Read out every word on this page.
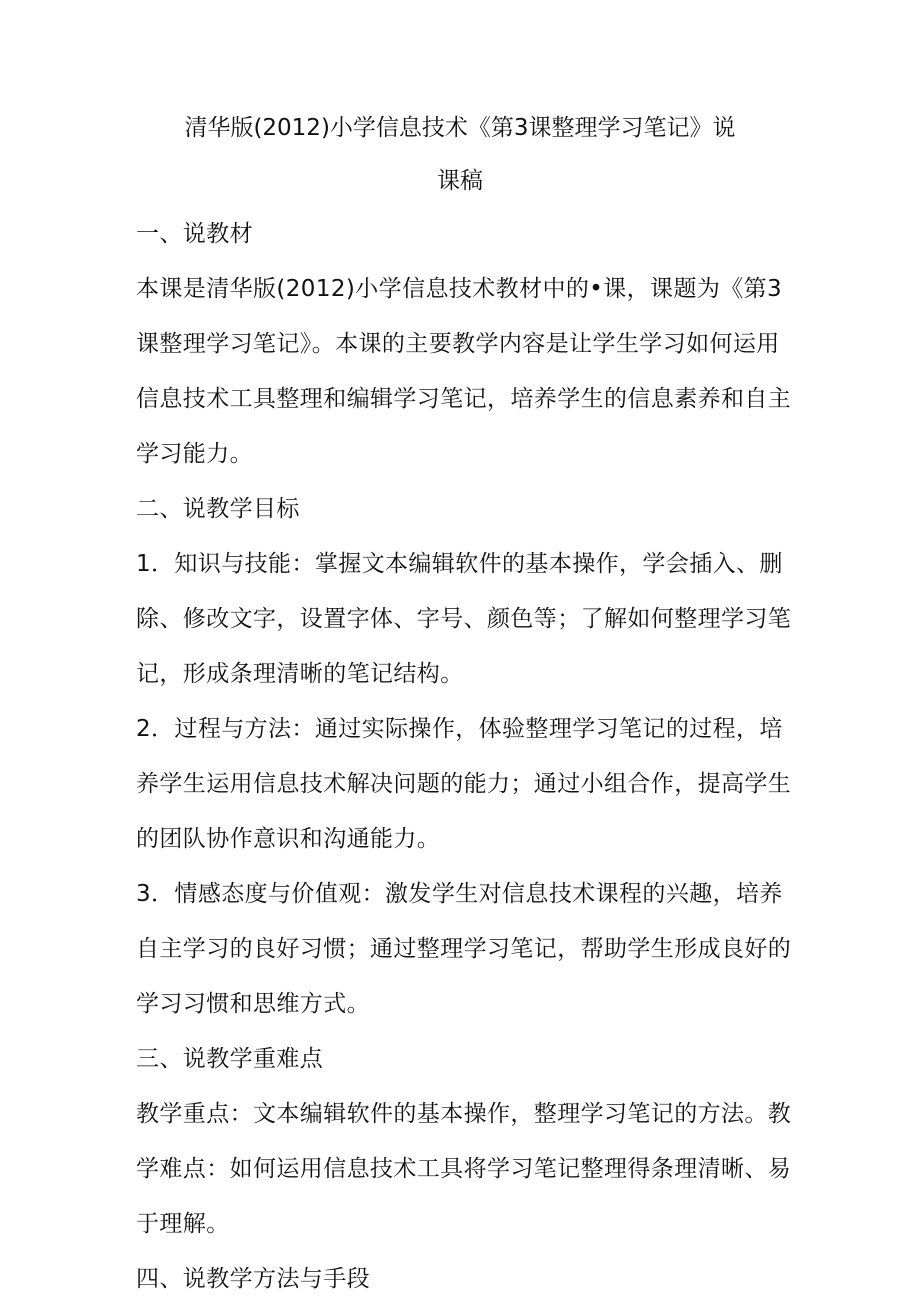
清华版(2012)小学信息技术《第3课整理学习笔记》说
课稿
一、说教材
本课是清华版(2012)小学信息技术教材中的•课，课题为《第3
课整理学习笔记》。本课的主要教学内容是让学生学习如何运用
信息技术工具整理和编辑学习笔记，培养学生的信息素养和自主
学习能力。
二、说教学目标
1．知识与技能：掌握文本编辑软件的基本操作，学会插入、删
除、修改文字，设置字体、字号、颜色等；了解如何整理学习笔
记，形成条理清晰的笔记结构。
2．过程与方法：通过实际操作，体验整理学习笔记的过程，培
养学生运用信息技术解决问题的能力；通过小组合作，提高学生
的团队协作意识和沟通能力。
3．情感态度与价值观：激发学生对信息技术课程的兴趣，培养
自主学习的良好习惯；通过整理学习笔记，帮助学生形成良好的
学习习惯和思维方式。
三、说教学重难点
教学重点：文本编辑软件的基本操作，整理学习笔记的方法。教
学难点：如何运用信息技术工具将学习笔记整理得条理清晰、易
于理解。
四、说教学方法与手段
